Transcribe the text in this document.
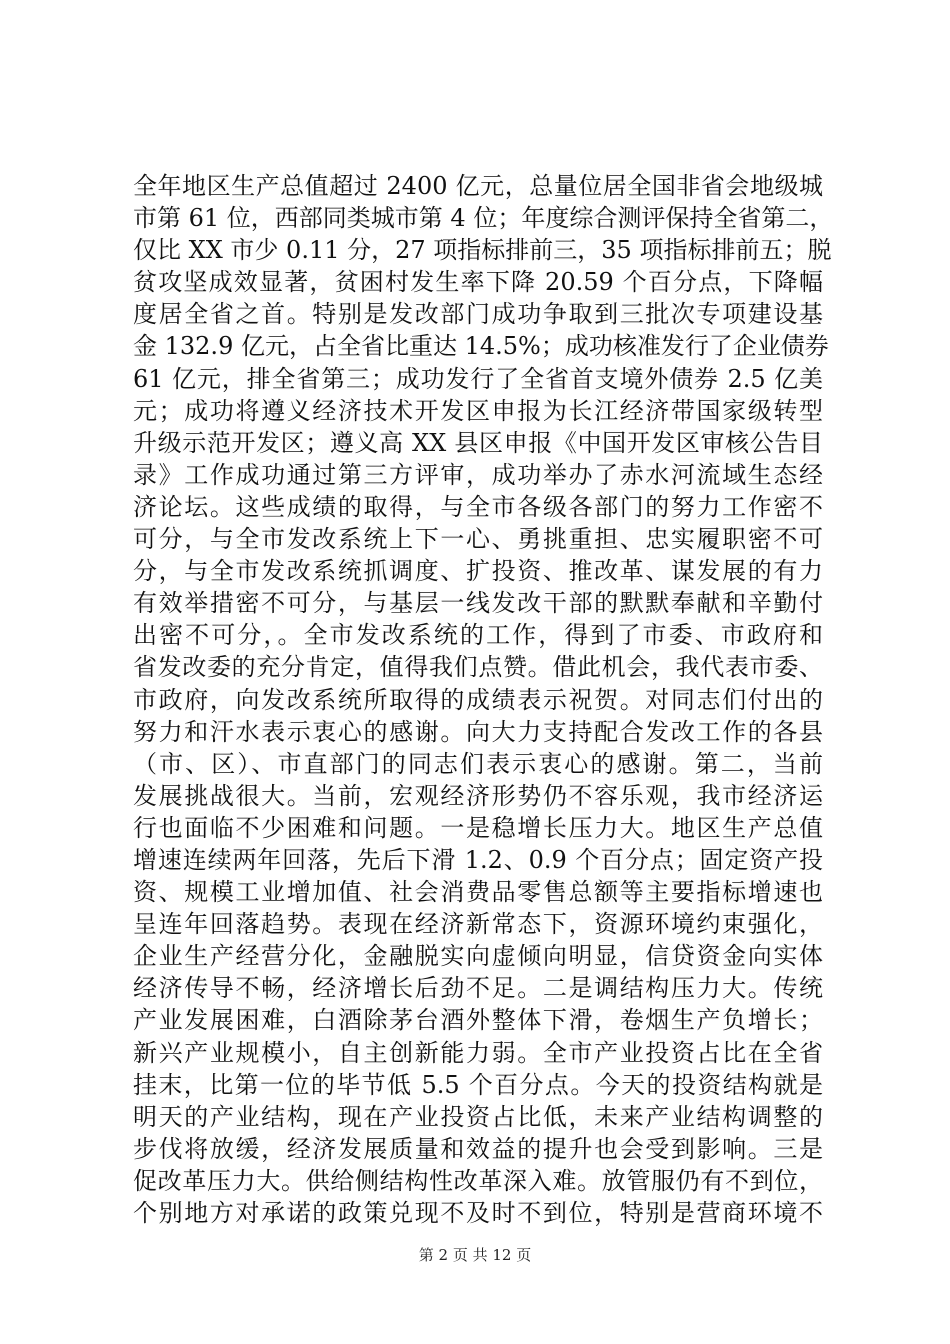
全年地区生产总值超过 2400 亿元，总量位居全国非省会地级城
市第 61 位，西部同类城市第 4 位；年度综合测评保持全省第二，
仅比 XX 市少 0.11 分，27 项指标排前三，35 项指标排前五；脱
贫攻坚成效显著，贫困村发生率下降 20.59 个百分点，下降幅
度居全省之首。特别是发改部门成功争取到三批次专项建设基
金 132.9 亿元，占全省比重达 14.5%；成功核准发行了企业债券
61 亿元，排全省第三；成功发行了全省首支境外债券 2.5 亿美
元；成功将遵义经济技术开发区申报为长江经济带国家级转型
升级示范开发区；遵义高 XX 县区申报《中国开发区审核公告目
录》工作成功通过第三方评审，成功举办了赤水河流域生态经
济论坛。这些成绩的取得，与全市各级各部门的努力工作密不
可分，与全市发改系统上下一心、勇挑重担、忠实履职密不可
分，与全市发改系统抓调度、扩投资、推改革、谋发展的有力
有效举措密不可分，与基层一线发改干部的默默奉献和辛勤付
出密不可分，。全市发改系统的工作，得到了市委、市政府和
省发改委的充分肯定，值得我们点赞。借此机会，我代表市委、
市政府，向发改系统所取得的成绩表示祝贺。对同志们付出的
努力和汗水表示衷心的感谢。向大力支持配合发改工作的各县
（市、区）、市直部门的同志们表示衷心的感谢。第二，当前
发展挑战很大。当前，宏观经济形势仍不容乐观，我市经济运
行也面临不少困难和问题。一是稳增长压力大。地区生产总值
增速连续两年回落，先后下滑 1.2、0.9 个百分点；固定资产投
资、规模工业增加值、社会消费品零售总额等主要指标增速也
呈连年回落趋势。表现在经济新常态下，资源环境约束强化，
企业生产经营分化，金融脱实向虚倾向明显，信贷资金向实体
经济传导不畅，经济增长后劲不足。二是调结构压力大。传统
产业发展困难，白酒除茅台酒外整体下滑，卷烟生产负增长；
新兴产业规模小，自主创新能力弱。全市产业投资占比在全省
挂末，比第一位的毕节低 5.5 个百分点。今天的投资结构就是
明天的产业结构，现在产业投资占比低，未来产业结构调整的
步伐将放缓，经济发展质量和效益的提升也会受到影响。三是
促改革压力大。供给侧结构性改革深入难。放管服仍有不到位，
个别地方对承诺的政策兑现不及时不到位，特别是营商环境不
第 2 页 共 12 页
